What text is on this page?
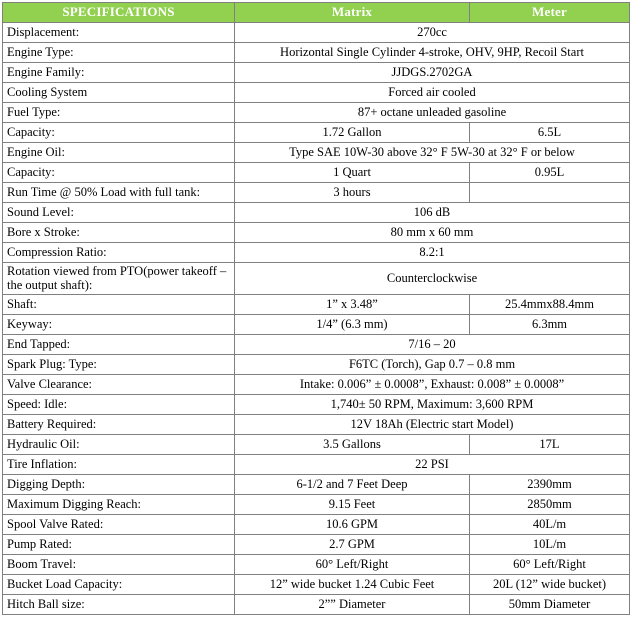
SPECIFICATIONS	Matrix	Meter
Displacement:	270cc	
Engine Type:	Horizontal Single Cylinder 4-stroke, OHV, 9HP, Recoil Start	
Engine Family:	JJDGS.2702GA	
Cooling System	Forced air cooled	
Fuel Type:	87+ octane unleaded gasoline	
Capacity:	1.72 Gallon	6.5L
Engine Oil:	Type SAE 10W-30 above 32° F 5W-30 at 32° F or below	
Capacity:	1 Quart	0.95L
Run Time @ 50% Load with full tank:	3 hours	
Sound Level:	106 dB	
Bore x Stroke:	80 mm x 60 mm	
Compression Ratio:	8.2:1	
Rotation viewed from PTO(power takeoff – the output shaft):	Counterclockwise	
Shaft:	1” x 3.48”	25.4mmx88.4mm
Keyway:	1/4” (6.3 mm)	6.3mm
End Tapped:	7/16 – 20	
Spark Plug: Type:	F6TC (Torch), Gap 0.7 – 0.8 mm	
Valve Clearance:	Intake: 0.006” ± 0.0008”, Exhaust: 0.008” ± 0.0008”	
Speed: Idle:	1,740± 50 RPM, Maximum: 3,600 RPM	
Battery Required:	12V 18Ah (Electric start Model)	
Hydraulic Oil:	3.5 Gallons	17L
Tire Inflation:	22 PSI	
Digging Depth:	6-1/2 and 7 Feet Deep	2390mm
Maximum Digging Reach:	9.15 Feet	2850mm
Spool Valve Rated:	10.6 GPM	40L/m
Pump Rated:	2.7 GPM	10L/m
Boom Travel:	60° Left/Right	60° Left/Right
Bucket Load Capacity:	12” wide bucket 1.24 Cubic Feet	20L (12” wide bucket)
Hitch Ball size:	2”” Diameter	50mm Diameter
